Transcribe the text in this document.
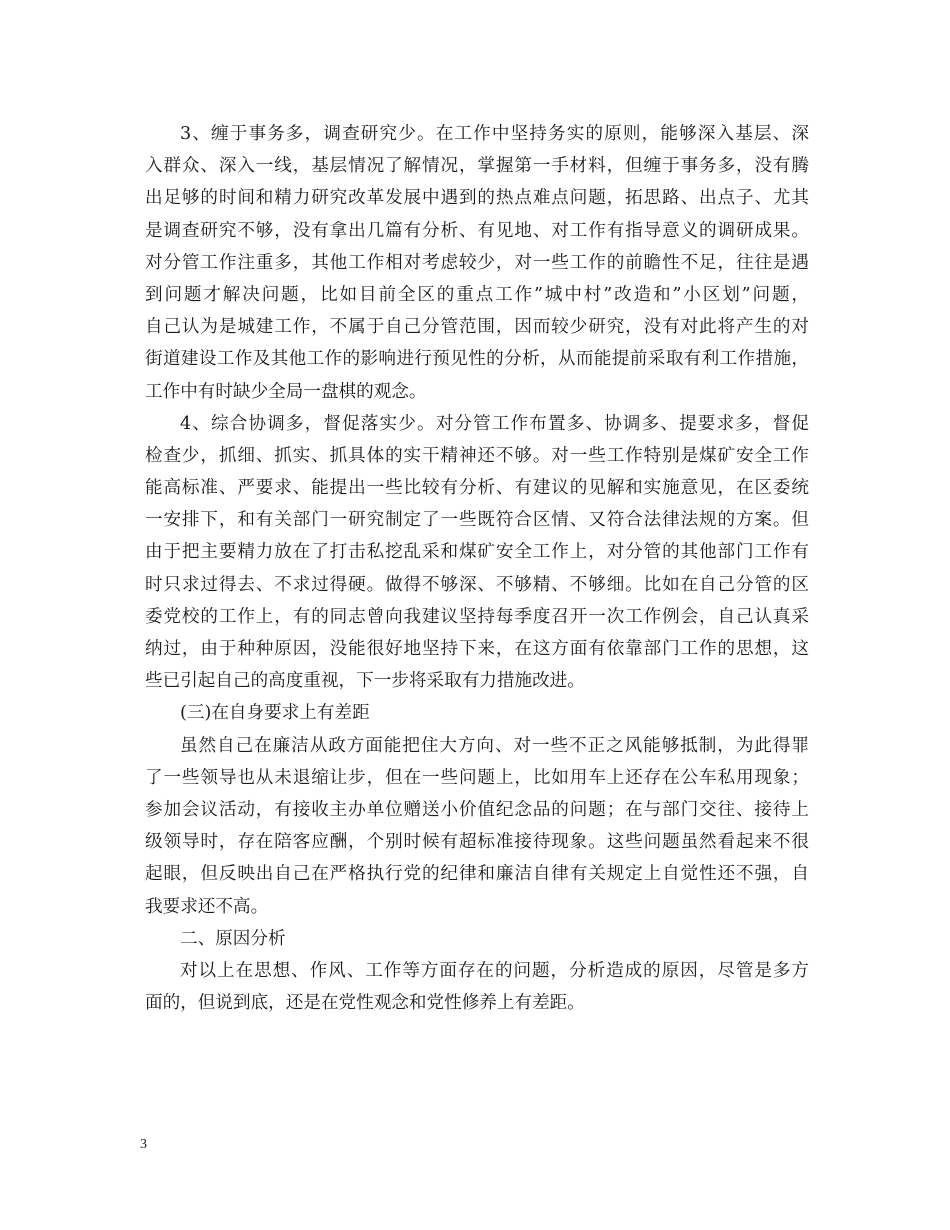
3、缠于事务多，调查研究少。在工作中坚持务实的原则，能够深入基层、深
入群众、深入一线，基层情况了解情况，掌握第一手材料，但缠于事务多，没有腾
出足够的时间和精力研究改革发展中遇到的热点难点问题，拓思路、出点子、尤其
是调查研究不够，没有拿出几篇有分析、有见地、对工作有指导意义的调研成果。
对分管工作注重多，其他工作相对考虑较少，对一些工作的前瞻性不足，往往是遇
到问题才解决问题，比如目前全区的重点工作”城中村”改造和”小区划”问题，
自己认为是城建工作，不属于自己分管范围，因而较少研究，没有对此将产生的对
街道建设工作及其他工作的影响进行预见性的分析，从而能提前采取有利工作措施，
工作中有时缺少全局一盘棋的观念。
4、综合协调多，督促落实少。对分管工作布置多、协调多、提要求多，督促
检查少，抓细、抓实、抓具体的实干精神还不够。对一些工作特别是煤矿安全工作
能高标准、严要求、能提出一些比较有分析、有建议的见解和实施意见，在区委统
一安排下，和有关部门一研究制定了一些既符合区情、又符合法律法规的方案。但
由于把主要精力放在了打击私挖乱采和煤矿安全工作上，对分管的其他部门工作有
时只求过得去、不求过得硬。做得不够深、不够精、不够细。比如在自己分管的区
委党校的工作上，有的同志曾向我建议坚持每季度召开一次工作例会，自己认真采
纳过，由于种种原因，没能很好地坚持下来，在这方面有依靠部门工作的思想，这
些已引起自己的高度重视，下一步将采取有力措施改进。
(三)在自身要求上有差距
虽然自己在廉洁从政方面能把住大方向、对一些不正之风能够抵制，为此得罪
了一些领导也从未退缩让步，但在一些问题上，比如用车上还存在公车私用现象；
参加会议活动，有接收主办单位赠送小价值纪念品的问题；在与部门交往、接待上
级领导时，存在陪客应酬，个别时候有超标准接待现象。这些问题虽然看起来不很
起眼，但反映出自己在严格执行党的纪律和廉洁自律有关规定上自觉性还不强，自
我要求还不高。
二、原因分析
对以上在思想、作风、工作等方面存在的问题，分析造成的原因，尽管是多方
面的，但说到底，还是在党性观念和党性修养上有差距。
3
